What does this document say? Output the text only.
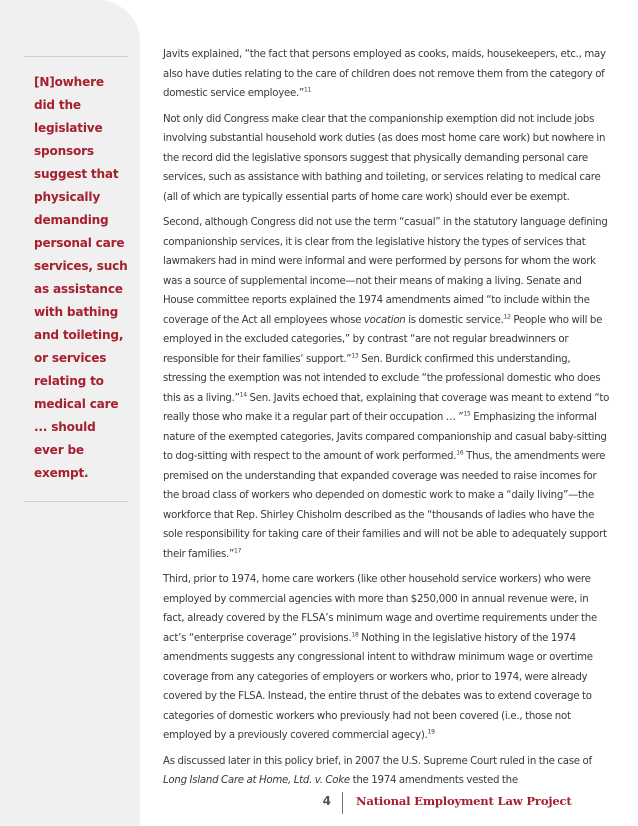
[N]owhere did the legislative sponsors suggest that physically demanding personal care services, such as assistance with bathing and toileting, or services relating to medical care ... should ever be exempt.

Javits explained, “the fact that persons employed as cooks, maids, housekeepers, etc., may also have duties relating to the care of children does not remove them from the category of domestic service employee.”$^{11}$

Not only did Congress make clear that the companionship exemption did not include jobs involving substantial household work duties (as does most home care work) but nowhere in the record did the legislative sponsors suggest that physically demanding personal care services, such as assistance with bathing and toileting, or services relating to medical care (all of which are typically essential parts of home care work) should ever be exempt.

Second, although Congress did not use the term “casual” in the statutory language defining companionship services, it is clear from the legislative history the types of services that lawmakers had in mind were informal and were performed by persons for whom the work was a source of supplemental income—not their means of making a living. Senate and House committee reports explained the 1974 amendments aimed “to include within the coverage of the Act all employees whose vocation is domestic service.$^{12}$ People who will be employed in the excluded categories,” by contrast “are not regular breadwinners or responsible for their families’ support.”$^{13}$ Sen. Burdick confirmed this understanding, stressing the exemption was not intended to exclude “the professional domestic who does this as a living.”$^{14}$ Sen. Javits echoed that, explaining that coverage was meant to extend “to really those who make it a regular part of their occupation … ”$^{15}$ Emphasizing the informal nature of the exempted categories, Javits compared companionship and casual baby-sitting to dog-sitting with respect to the amount of work performed.$^{16}$ Thus, the amendments were premised on the understanding that expanded coverage was needed to raise incomes for the broad class of workers who depended on domestic work to make a “daily living”—the workforce that Rep. Shirley Chisholm described as the “thousands of ladies who have the sole responsibility for taking care of their families and will not be able to adequately support their families.”$^{17}$

Third, prior to 1974, home care workers (like other household service workers) who were employed by commercial agencies with more than $250,000 in annual revenue were, in fact, already covered by the FLSA’s minimum wage and overtime requirements under the act’s “enterprise coverage” provisions.$^{18}$ Nothing in the legislative history of the 1974 amendments suggests any congressional intent to withdraw minimum wage or overtime coverage from any categories of employers or workers who, prior to 1974, were already covered by the FLSA. Instead, the entire thrust of the debates was to extend coverage to categories of domestic workers who previously had not been covered (i.e., those not employed by a previously covered commercial agecy).$^{19}$

As discussed later in this policy brief, in 2007 the U.S. Supreme Court ruled in the case of Long Island Care at Home, Ltd. v. Coke the 1974 amendments vested the

4 National Employment Law Project
